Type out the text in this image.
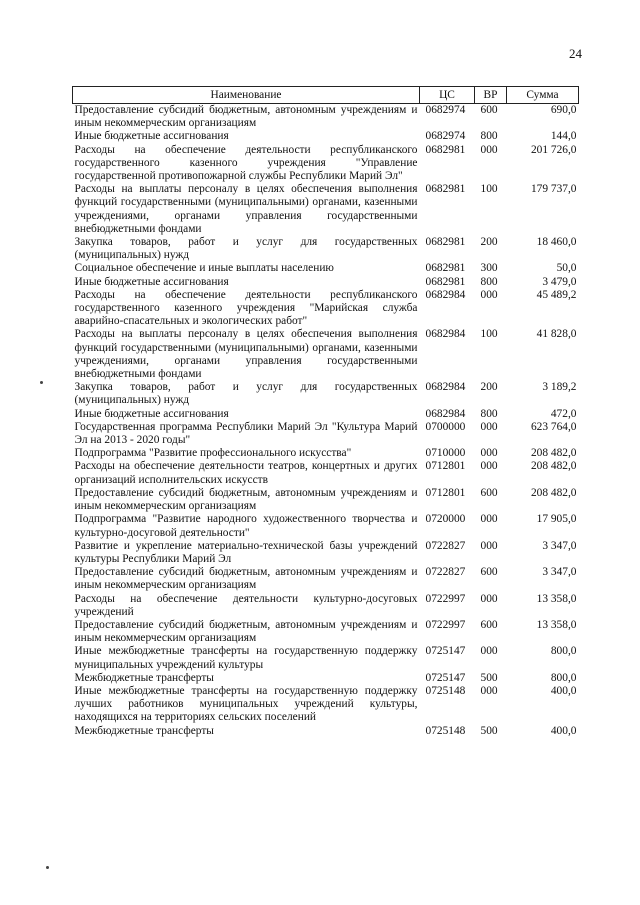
24
Наименование	ЦС	ВР	Сумма
Предоставление субсидий бюджетным, автономным учреждениям и иным некоммерческим организациям	0682974	600	690,0
Иные бюджетные ассигнования	0682974	800	144,0
Расходы на обеспечение деятельности республиканского государственного казенного учреждения "Управление государственной противопожарной службы Республики Марий Эл"	0682981	000	201 726,0
Расходы на выплаты персоналу в целях обеспечения выполнения функций государственными (муниципальными) органами, казенными учреждениями, органами управления государственными внебюджетными фондами	0682981	100	179 737,0
Закупка товаров, работ и услуг для государственных (муниципальных) нужд	0682981	200	18 460,0
Социальное обеспечение и иные выплаты населению	0682981	300	50,0
Иные бюджетные ассигнования	0682981	800	3 479,0
Расходы на обеспечение деятельности республиканского государственного казенного учреждения "Марийская служба аварийно-спасательных и экологических работ"	0682984	000	45 489,2
Расходы на выплаты персоналу в целях обеспечения выполнения функций государственными (муниципальными) органами, казенными учреждениями, органами управления государственными внебюджетными фондами	0682984	100	41 828,0
Закупка товаров, работ и услуг для государственных (муниципальных) нужд	0682984	200	3 189,2
Иные бюджетные ассигнования	0682984	800	472,0
Государственная программа Республики Марий Эл "Культура Марий Эл на 2013 - 2020 годы"	0700000	000	623 764,0
Подпрограмма "Развитие профессионального искусства"	0710000	000	208 482,0
Расходы на обеспечение деятельности театров, концертных и других организаций исполнительских искусств	0712801	000	208 482,0
Предоставление субсидий бюджетным, автономным учреждениям и иным некоммерческим организациям	0712801	600	208 482,0
Подпрограмма "Развитие народного художественного творчества и культурно-досуговой деятельности"	0720000	000	17 905,0
Развитие и укрепление материально-технической базы учреждений культуры Республики Марий Эл	0722827	000	3 347,0
Предоставление субсидий бюджетным, автономным учреждениям и иным некоммерческим организациям	0722827	600	3 347,0
Расходы на обеспечение деятельности культурно-досуговых учреждений	0722997	000	13 358,0
Предоставление субсидий бюджетным, автономным учреждениям и иным некоммерческим организациям	0722997	600	13 358,0
Иные межбюджетные трансферты на государственную поддержку муниципальных учреждений культуры	0725147	000	800,0
Межбюджетные трансферты	0725147	500	800,0
Иные межбюджетные трансферты на государственную поддержку лучших работников муниципальных учреждений культуры, находящихся на территориях сельских поселений	0725148	000	400,0
Межбюджетные трансферты	0725148	500	400,0
